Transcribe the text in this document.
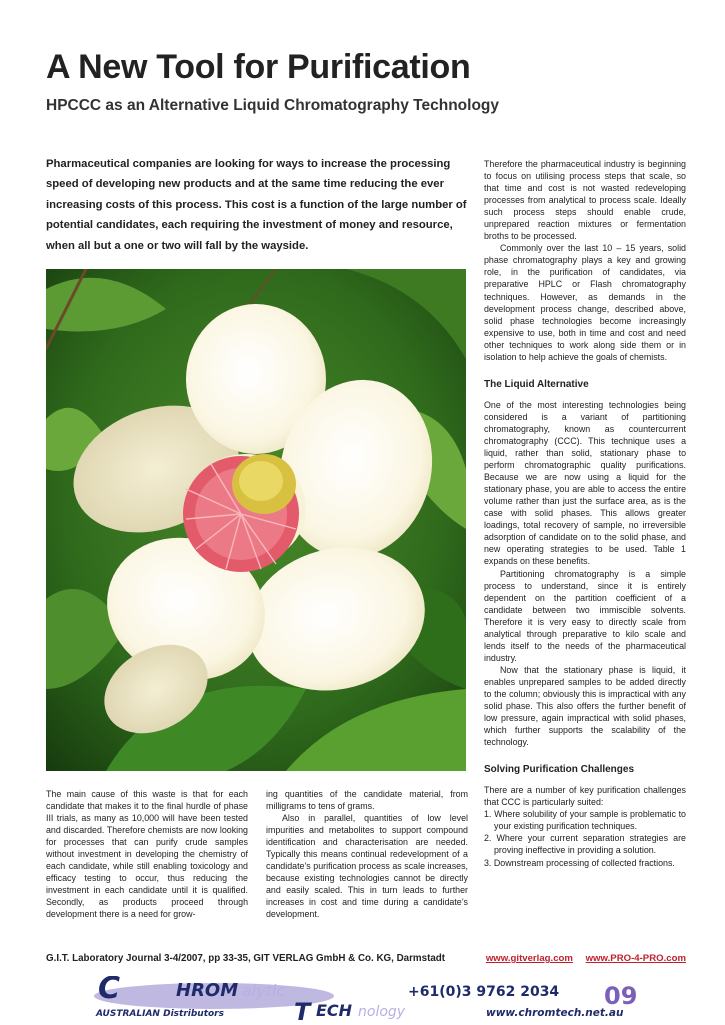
A New Tool for Purification
HPCCC as an Alternative Liquid Chromatography Technology
Pharmaceutical companies are looking for ways to increase the processing speed of developing new products and at the same time reducing the ever increasing costs of this process. This cost is a function of the large number of potential candidates, each requiring the investment of money and resource, when all but a one or two will fall by the wayside.

The main cause of this waste is that for each candidate that makes it to the final hurdle of phase III trials, as many as 10,000 will have been tested and discarded. Therefore chemists are now looking for processes that can purify crude samples without investment in developing the chemistry of each candidate, while still enabling toxicology and efficacy testing to occur, thus reducing the investment in each candidate until it is qualified. Secondly, as products proceed through development there is a need for grow-

ing quantities of the candidate material, from milligrams to tens of grams.

Also in parallel, quantities of low level impurities and metabolites to support compound identification and characterisation are needed. Typically this means continual redevelopment of a candidate’s purification process as scale increases, because existing technologies cannot be directly and easily scaled. This in turn leads to further increases in cost and time during a candidate’s development.

Therefore the pharmaceutical industry is beginning to focus on utilising process steps that scale, so that time and cost is not wasted redeveloping processes from analytical to process scale. Ideally such process steps should enable crude, unprepared reaction mixtures or fermentation broths to be processed.

Commonly over the last 10 – 15 years, solid phase chromatography plays a key and growing role, in the purification of candidates, via preparative HPLC or Flash chromatography techniques. However, as demands in the development process change, described above, solid phase technologies become increasingly expensive to use, both in time and cost and need other techniques to work along side them or in isolation to help achieve the goals of chemists.

The Liquid Alternative

One of the most interesting technologies being considered is a variant of partitioning chromatography, known as countercurrent chromatography (CCC). This technique uses a liquid, rather than solid, stationary phase to perform chromatographic quality purifications. Because we are now using a liquid for the stationary phase, you are able to access the entire volume rather than just the surface area, as is the case with solid phases. This allows greater loadings, total recovery of sample, no irreversible adsorption of candidate on to the solid phase, and new operating strategies to be used. Table 1 expands on these benefits.

Partitioning chromatography is a simple process to understand, since it is entirely dependent on the partition coefficient of a candidate between two immiscible solvents. Therefore it is very easy to directly scale from analytical through preparative to kilo scale and lends itself to the needs of the pharmaceutical industry.

Now that the stationary phase is liquid, it enables unprepared samples to be added directly to the column; obviously this is impractical with any solid phase. This also offers the further benefit of low pressure, again impractical with solid phases, which further supports the scalability of the technology.

Solving Purification Challenges

There are a number of key purification challenges that CCC is particularly suited:

1. Where solubility of your sample is problematic to your existing purification techniques.
2. Where your current separation strategies are proving ineffective in providing a solution.
3. Downstream processing of collected fractions.
G.I.T. Laboratory Journal 3-4/2007, pp 33-35, GIT VERLAG GmbH & Co. KG, Darmstadt	www.gitverlag.com www.PRO-4-PRO.com
C	HROM alytic
T ECH nology
+61(0)3 9762 2034
AUSTRALIAN Distributors	www.chromtech.net.au
09
